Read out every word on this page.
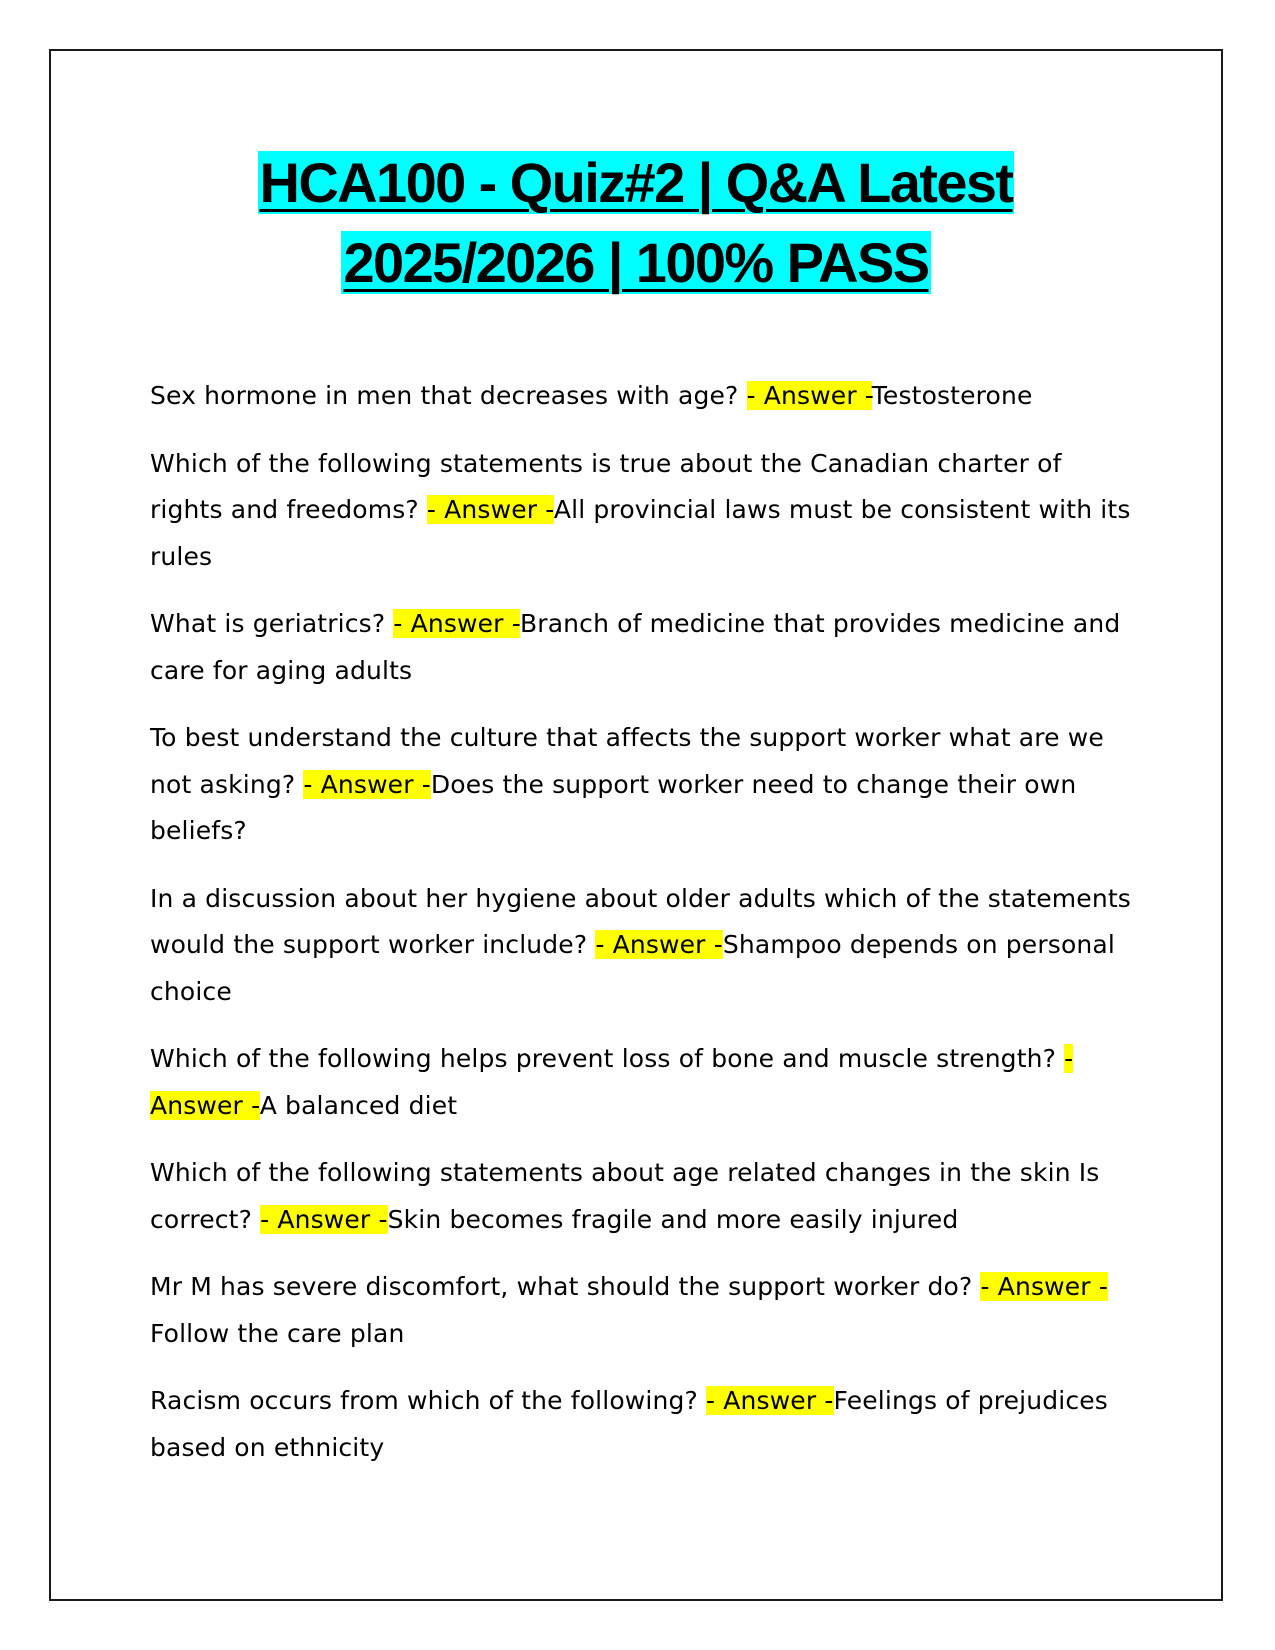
HCA100 - Quiz#2 | Q&A Latest
2025/2026 | 100% PASS

Sex hormone in men that decreases with age? - Answer -Testosterone

Which of the following statements is true about the Canadian charter of rights and freedoms? - Answer -All provincial laws must be consistent with its rules

What is geriatrics? - Answer -Branch of medicine that provides medicine and care for aging adults

To best understand the culture that affects the support worker what are we not asking? - Answer -Does the support worker need to change their own beliefs?

In a discussion about her hygiene about older adults which of the statements would the support worker include? - Answer -Shampoo depends on personal choice

Which of the following helps prevent loss of bone and muscle strength? - Answer -A balanced diet

Which of the following statements about age related changes in the skin Is correct? - Answer -Skin becomes fragile and more easily injured

Mr M has severe discomfort, what should the support worker do? - Answer -Follow the care plan

Racism occurs from which of the following? - Answer -Feelings of prejudices based on ethnicity
